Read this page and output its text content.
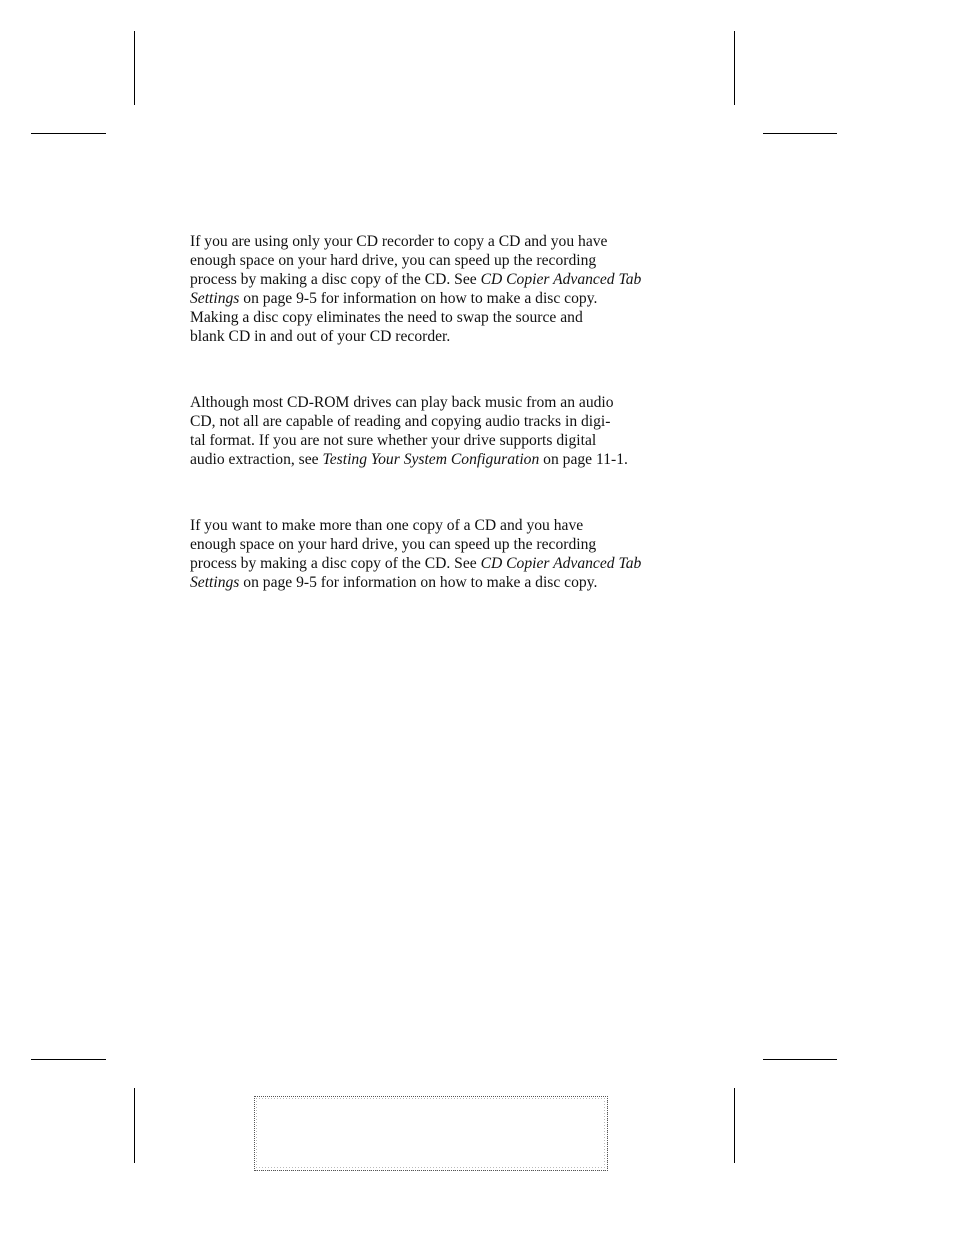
If you are using only your CD recorder to copy a CD and you have
enough space on your hard drive, you can speed up the recording
process by making a disc copy of the CD. See CD Copier Advanced Tab
Settings on page 9-5 for information on how to make a disc copy.
Making a disc copy eliminates the need to swap the source and
blank CD in and out of your CD recorder.
Although most CD-ROM drives can play back music from an audio
CD, not all are capable of reading and copying audio tracks in digi-
tal format. If you are not sure whether your drive supports digital
audio extraction, see Testing Your System Configuration on page 11-1.
If you want to make more than one copy of a CD and you have
enough space on your hard drive, you can speed up the recording
process by making a disc copy of the CD. See CD Copier Advanced Tab
Settings on page 9-5 for information on how to make a disc copy.
